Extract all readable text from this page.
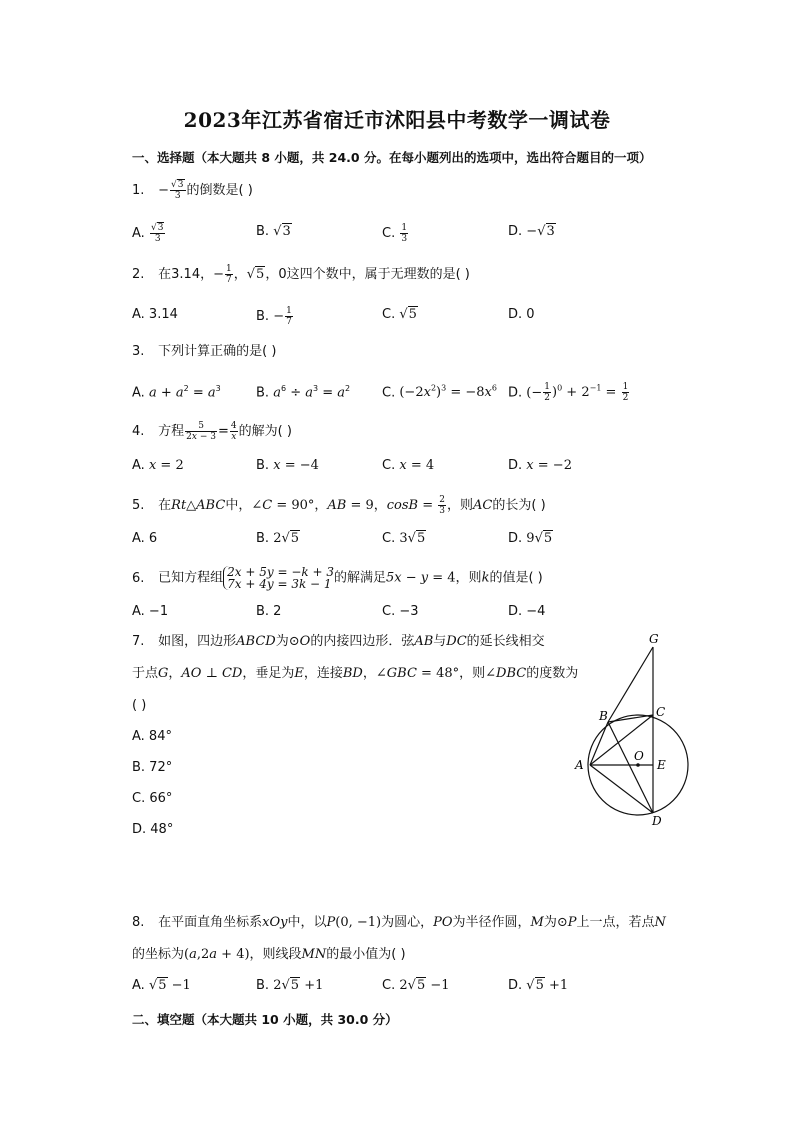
2023年江苏省宿迁市沭阳县中考数学一调试卷
一、选择题（本大题共 8 小题，共 24.0 分。在每小题列出的选项中，选出符合题目的一项）
1. − $\frac{√3}{3}$ 的倒数是( )
A. $\frac{√3}{3}$	B. √3	C. $\frac{1}{3}$	D. −√3
2. 在3.14，− $\frac{1}{7}$ ，√5，0这四个数中，属于无理数的是( )
A. 3.14	B. − $\frac{1}{7}$	C. √5	D. 0
3. 下列计算正确的是( )
A. $a + a^2 = a^3$	B. $a^6 \div a^3 = a^2$ C. $(-2x^2)^3 = -8x^6$ D. (− $\frac{1}{2} )^0 + 2^{-1} = \frac{1}{2}$
4. 方程 $\frac{5}{2x - 3} = \frac{4}{x}$ 的解为( )
A. x = 2	B. x = −4	C. x = 4	D. x = −2
5. 在Rt△ABC中，∠C = 90°，AB = 9，$\cos B = \frac{2}{3}$ ，则AC的长为( )
A. 6	B. 2√5	C. 3√5	D. 9√5
6. 已知方程组 2x + 5y = −k + 3
7x + 4y = 3k − 1 的解满足5x − y = 4，则k的值是( )
A. −1	B. 2	C. −3	D. −4
7. 如图，四边形ABCD为⊙O的内接四边形．弦AB与DC的延长线相交
于点G，AO ⊥ CD，垂足为E，连接BD，∠GBC = 48°，则∠DBC的度数为
( )
A. 84°
B. 72°
C. 66°
D. 48°
G
B	C
A
O
E
D
8. 在平面直角坐标系xOy中，以P(0, −1)为圆心，PO为半径作圆，M为⊙P上一点，若点N
的坐标为(a,2a + 4)，则线段MN的最小值为( )
A. √5 −1	B. 2√5 +1	C. 2√5 −1	D. √5 +1
二、填空题（本大题共 10 小题，共 30.0 分）
